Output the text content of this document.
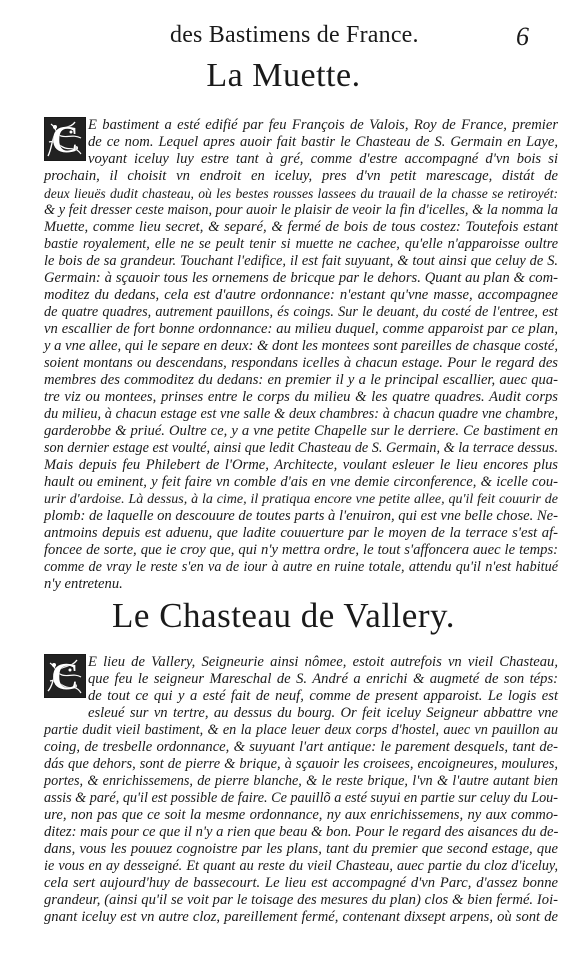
des Bastimens de France.	6
La Muette.
C E bastiment a esté edifié par feu François de Valois, Roy de France, premier
de ce nom. Lequel apres auoir fait bastir le Chasteau de S. Germain en Laye,
voyant iceluy luy estre tant à gré, comme d'estre accompagné d'vn bois si
prochain, il choisit vn endroit en iceluy, pres d'vn petit marescage, distát de
deux lieuës dudit chasteau, où les bestes rousses lassees du trauail de la chasse se retiroyét:
& y feit dresser ceste maison, pour auoir le plaisir de veoir la fin d'icelles, & la nomma la
Muette, comme lieu secret, & separé, & fermé de bois de tous costez: Toutefois estant
bastie royalement, elle ne se peult tenir si muette ne cachee, qu'elle n'apparoisse oultre
le bois de sa grandeur. Touchant l'edifice, il est fait suyuant, & tout ainsi que celuy de S.
Germain: à sçauoir tous les ornemens de bricque par le dehors. Quant au plan & com-
moditez du dedans, cela est d'autre ordonnance: n'estant qu'vne masse, accompagnee
de quatre quadres, autrement pauillons, és coings. Sur le deuant, du costé de l'entree, est
vn escallier de fort bonne ordonnance: au milieu duquel, comme apparoist par ce plan,
y a vne allee, qui le separe en deux: & dont les montees sont pareilles de chasque costé,
soient montans ou descendans, respondans icelles à chacun estage. Pour le regard des
membres des commoditez du dedans: en premier il y a le principal escallier, auec qua-
tre viz ou montees, prinses entre le corps du milieu & les quatre quadres. Audit corps
du milieu, à chacun estage est vne salle & deux chambres: à chacun quadre vne chambre,
garderobbe & priué. Oultre ce, y a vne petite Chapelle sur le derriere. Ce bastiment en
son dernier estage est voulté, ainsi que ledit Chasteau de S. Germain, & la terrace dessus.
Mais depuis feu Philebert de l'Orme, Architecte, voulant esleuer le lieu encores plus
hault ou eminent, y feit faire vn comble d'ais en vne demie circonference, & icelle cou-
urir d'ardoise. Là dessus, à la cime, il pratiqua encore vne petite allee, qu'il feit couurir de
plomb: de laquelle on descouure de toutes parts à l'enuiron, qui est vne belle chose. Ne-
antmoins depuis est aduenu, que ladite couuerture par le moyen de la terrace s'est af-
foncee de sorte, que ie croy que, qui n'y mettra ordre, le tout s'affoncera auec le temps:
comme de vray le reste s'en va de iour à autre en ruine totale, attendu qu'il n'est habitué
n'y entretenu.
Le Chasteau de Vallery.
C E lieu de Vallery, Seigneurie ainsi nômee, estoit autrefois vn vieil Chasteau,
que feu le seigneur Mareschal de S. André a enrichi & augmeté de son téps:
de tout ce qui y a esté fait de neuf, comme de present apparoist. Le logis est
esleué sur vn tertre, au dessus du bourg. Or feit iceluy Seigneur abbattre vne
partie dudit vieil bastiment, & en la place leuer deux corps d'hostel, auec vn pauillon au
coing, de tresbelle ordonnance, & suyuant l'art antique: le parement desquels, tant de-
dás que dehors, sont de pierre & brique, à sçauoir les croisees, encoigneures, moulures,
portes, & enrichissemens, de pierre blanche, & le reste brique, l'vn & l'autre autant bien
assis & paré, qu'il est possible de faire. Ce pauillõ a esté suyui en partie sur celuy du Lou-
ure, non pas que ce soit la mesme ordonnance, ny aux enrichissemens, ny aux commo-
ditez: mais pour ce que il n'y a rien que beau & bon. Pour le regard des aisances du de-
dans, vous les pouuez cognoistre par les plans, tant du premier que second estage, que
ie vous en ay desseigné. Et quant au reste du vieil Chasteau, auec partie du cloz d'iceluy,
cela sert aujourd'huy de bassecourt. Le lieu est accompagné d'vn Parc, d'assez bonne
grandeur, (ainsi qu'il se voit par le toisage des mesures du plan) clos & bien fermé. Ioi-
gnant iceluy est vn autre cloz, pareillement fermé, contenant dixsept arpens, où sont de
